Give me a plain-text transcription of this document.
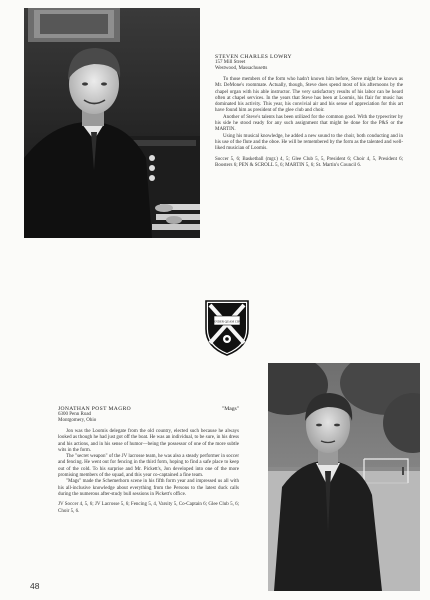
STEVEN CHARLES LOWRY
157 Mill Street
Westwood, Massachusetts

To those members of the form who hadn't known him before, Steve might be known as Mr. DeMone's roommate. Actually, though, Steve does spend most of his afternoons by the chapel organ with his able instructor. The very satisfactory results of his labor can be heard often at chapel services. In the years that Steve has been at Loomis, his flair for music has dominated his activity. This year, his convivial air and his sense of appreciation for this art have found him as president of the glee club and choir.

Another of Steve's talents has been utilized for the common good. With the typewriter by his side he stood ready for any such assignment that might be done for the P&S or the MARTIN.

Using his musical knowledge, he added a new sound to the choir, both conducting and in his use of the flute and the oboe. He will be remembered by the form as the talented and well-liked musician of Loomis.

Soccer 5, 6; Basketball (mgr.) 4, 5; Glee Club 5, 5, President 6; Choir 4, 5, President 6; Boosters 6; PEN & SCROLL 5, 6; MARTIN 5, 6; St. Martin's Council 6.

INTENDER QUAM CIPERE
JONATHAN POST MAGRO	"Mags"
6300 Penn Road
Montgomery, Ohio

Jon was the Loomis delegate from the old country, elected such because he always looked as though he had just got off the boat. He was an individual, to be sure, in his dress and his actions, and in his sense of humor—being the possessor of one of the more subtle wits in the form.

The "secret weapon" of the JV lacrosse team, he was also a steady performer in soccer and fencing. He went out for fencing in the third form, hoping to find a safe place to keep out of the cold. To his surprise and Mr. Pickett's, Jon developed into one of the more promising members of the squad, and this year co-captained a fine team.

"Mags" made the Schemerhorn scene in his fifth form year and impressed us all with his all-inclusive knowledge about everything from the Persons to the latest duck calls during the numerous after-study bull sessions in Pickett's office.

JV Soccer 4, 5, 6; JV Lacrosse 5, 6; Fencing 5, 4, Varsity 5, Co-Captain 6; Glee Club 5, 6; Choir 5, 6.

48
